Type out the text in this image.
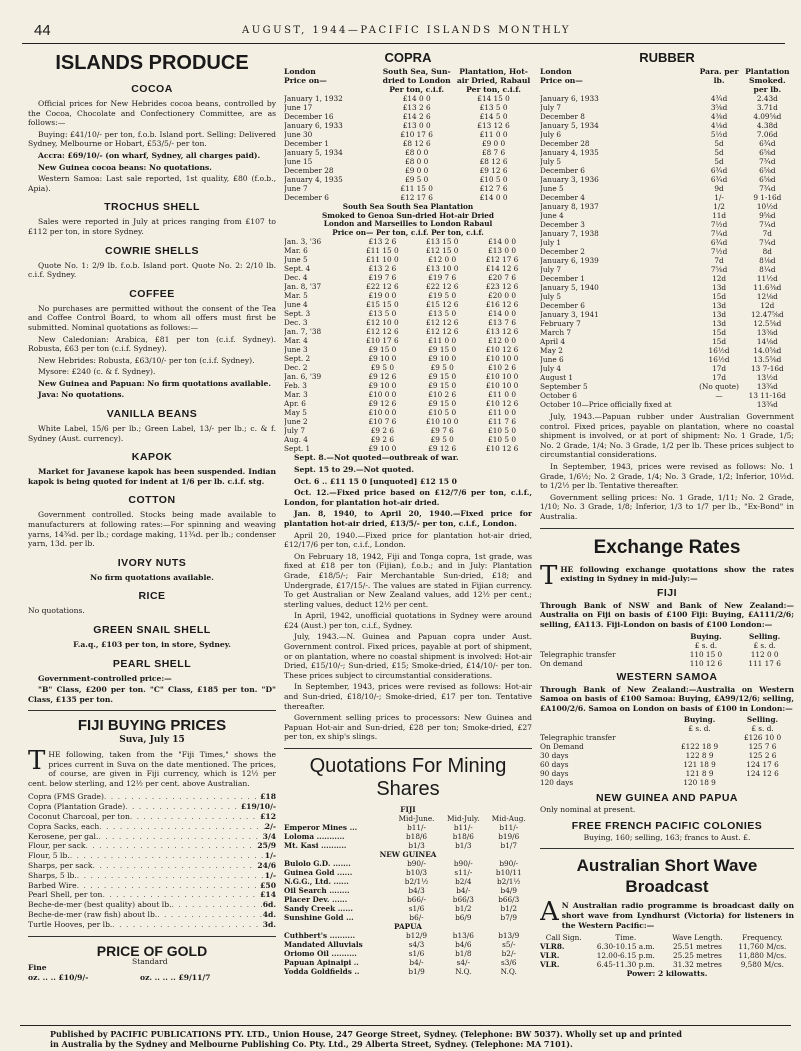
44	AUGUST, 1944—PACIFIC ISLANDS MONTHLY
ISLANDS PRODUCE
COCOA

Official prices for New Hebrides cocoa beans, controlled by the Cocoa, Chocolate and Confectionery Committee, are as follows:—

Buying: £41/10/- per ton, f.o.b. Island port. Selling: Delivered Sydney, Melbourne or Hobart, £53/5/- per ton.

Accra: £69/10/- (on wharf, Sydney, all charges paid).

New Guinea cocoa beans: No quotations.

Western Samoa: Last sale reported, 1st quality, £80 (f.o.b., Apia).

TROCHUS SHELL

Sales were reported in July at prices ranging from £107 to £112 per ton, in store Sydney.

COWRIE SHELLS

Quote No. 1: 2/9 lb. f.o.b. Island port. Quote No. 2: 2/10 lb. c.i.f. Sydney.

COFFEE

No purchases are permitted without the consent of the Tea and Coffee Control Board, to whom all offers must first be submitted. Nominal quotations as follows:—

New Caledonian: Arabica, £81 per ton (c.i.f. Sydney). Robusta, £63 per ton (c.i.f. Sydney).

New Hebrides: Robusta, £63/10/- per ton (c.i.f. Sydney).

Mysore: £240 (c. & f. Sydney).

New Guinea and Papuan: No firm quotations available.

Java: No quotations.

VANILLA BEANS

White Label, 15/6 per lb.; Green Label, 13/- per lb.; c. & f. Sydney (Aust. currency).

KAPOK

Market for Javanese kapok has been suspended. Indian kapok is being quoted for indent at 1/6 per lb. c.i.f. stg.

COTTON

Government controlled. Stocks being made available to manufacturers at following rates:—For spinning and weaving yarns, 14¾d. per lb.; cordage making, 11¾d. per lb.; condenser yarn, 13d. per lb.

IVORY NUTS

No firm quotations available.

RICE

No quotations.

GREEN SNAIL SHELL

F.a.q., £103 per ton, in store, Sydney.

PEARL SHELL

Government-controlled price:—

"B" Class, £200 per ton. "C" Class, £185 per ton. "D" Class, £135 per ton.

FIJI BUYING PRICES

Suva, July 15

THE following, taken from the "Fiji Times," shows the prices current in Suva on the date mentioned. The prices, of course, are given in Fiji currency, which is 12½ per cent. below sterling, and 12½ per cent. above Australian.

Copra (FMS Grade) . . .	£18
Copra (Plantation Grade) . . .	£19/10/-
Coconut Charcoal, per ton . . .	£12
Copra Sacks, each . . .	2/-
Kerosene, per gal. . . .	3/4
Flour, per sack . . .	25/9
Flour, 5 lb. . . .	1/-
Sharps, per sack . . .	24/6
Sharps, 5 lb. . . .	1/-
Barbed Wire . . .	£50
Pearl Shell, per ton . . .	£14
Beche-de-mer (best quality) about lb. . . .	6d.
Beche-de-mer (raw fish) about lb. . . .	4d.
Turtle Hooves, per lb. . . .	3d.
PRICE OF GOLD
Fine
Standard
oz. .. .. £10/9/-	oz. .. .. .. £9/11/7
COPRA
London
Price on—	South Sea, Sun-dried to London Per ton, c.i.f.	Plantation, Hot-air Dried, Rabaul Per ton, c.i.f.
January 1, 1932	£14 0 0	£14 15 0
June 17	£13 2 6	£13 5 0
December 16	£14 2 6	£14 5 0
January 6, 1933	£13 0 0	£13 12 6
June 30	£10 17 6	£11 0 0
December 1	£8 12 6	£9 0 0
January 5, 1934	£8 0 0	£8 7 6
June 15	£8 0 0	£8 12 6
December 28	£9 0 0	£9 12 6
January 4, 1935	£9 5 0	£10 5 0
June 7	£11 15 0	£12 7 6
December 6	£12 17 6	£14 0 0
South Sea South Sea Plantation
Smoked to Genoa Sun-dried Hot-air Dried
London and Marseilles to London Rabaul
Price on— Per ton, c.i.f. Per ton, c.i.f.
Jan. 3, '36	£13 2 6	£13 15 0	£14 0 0
Mar. 6	£11 15 0	£12 15 0	£13 0 0
June 5	£11 10 0	£12 0 0	£12 17 6
Sept. 4	£13 2 6	£13 10 0	£14 12 6
Dec. 4	£19 7 6	£19 7 6	£20 7 6
Jan. 8, '37	£22 12 6	£22 12 6	£23 12 6
Mar. 5	£19 0 0	£19 5 0	£20 0 0
June 4	£15 15 0	£15 12 6	£16 12 6
Sept. 3	£13 5 0	£13 5 0	£14 0 0
Dec. 3	£12 10 0	£12 12 6	£13 7 6
Jan. 7, '38	£12 12 6	£12 12 6	£13 12 6
Mar. 4	£10 17 6	£11 0 0	£12 0 0
June 3	£9 15 0	£9 15 0	£10 12 6
Sept. 2	£9 10 0	£9 10 0	£10 10 0
Dec. 2	£9 5 0	£9 5 0	£10 2 6
Jan. 6, '39	£9 12 6	£9 15 0	£10 10 0
Feb. 3	£9 10 0	£9 15 0	£10 10 0
Mar. 3	£10 0 0	£10 2 6	£11 0 0
Apr. 6	£9 12 6	£9 15 0	£10 12 6
May 5	£10 0 0	£10 5 0	£11 0 0
June 2	£10 7 6	£10 10 0	£11 7 6
July 7	£9 2 6	£9 7 6	£10 5 0
Aug. 4	£9 2 6	£9 5 0	£10 5 0
Sept. 1	£9 10 0	£9 12 6	£10 12 6

Sept. 8.—Not quoted—outbreak of war.

Sept. 15 to 29.—Not quoted.

Oct. 6 .. £11 15 0 [unquoted] £12 15 0

Oct. 12.—Fixed price based on £12/7/6 per ton, c.i.f., London, for plantation hot-air dried.

Jan. 8, 1940, to April 20, 1940.—Fixed price for plantation hot-air dried, £13/5/- per ton, c.i.f., London.

April 20, 1940.—Fixed price for plantation hot-air dried, £12/17/6 per ton, c.i.f., London.

On February 18, 1942, Fiji and Tonga copra, 1st grade, was fixed at £18 per ton (Fijian), f.o.b.; and in July: Plantation Grade, £18/5/-; Fair Merchantable Sun-dried, £18; and Undergrade, £17/15/-. The values are stated in Fijian currency. To get Australian or New Zealand values, add 12½ per cent.; sterling values, deduct 12½ per cent.

In April, 1942, unofficial quotations in Sydney were around £24 (Aust.) per ton, c.i.f., Sydney.

July, 1943.—N. Guinea and Papuan copra under Aust. Government control. Fixed prices, payable at port of shipment, or on plantation, where no coastal shipment is involved: Hot-air Dried, £15/10/-; Sun-dried, £15; Smoke-dried, £14/10/- per ton. These prices subject to circumstantial considerations.

In September, 1943, prices were revised as follows: Hot-air and Sun-dried, £18/10/-; Smoke-dried, £17 per ton. Tentative thereafter.

Government selling prices to processors: New Guinea and Papuan Hot-air and Sun-dried, £28 per ton; Smoke-dried, £27 per ton, ex ship's slings.

Quotations For Mining Shares
FIJI			
	Mid-June.	Mid-July.	Mid-Aug.
Emperor Mines ...	b11/-	b11/-	b11/-
Loloma ...........	b18/6	b18/6	b19/6
Mt. Kasi ..........	b1/3	b1/3	b1/7
NEW GUINEA			
Bulolo G.D. .......	b90/-	b90/-	b90/-
Guinea Gold ......	b10/3	s11/-	b10/11
N.G.G., Ltd. ......	b2/1½	b2/4	b2/1½
Oil Search ........	b4/3	b4/-	b4/9
Placer Dev. ......	b66/-	b66/3	b66/3
Sandy Creek ......	s1/6	b1/2	b1/2
Sunshine Gold ...	b6/-	b6/9	b7/9
PAPUA			
Cuthbert's ..........	b12/9	b13/6	b13/9
Mandated Alluvials	s4/3	b4/6	s5/-
Oriomo Oil ..........	s1/6	b1/8	b2/-
Papuan Apinaipi ..	b4/-	s4/-	s3/6
Yodda Goldfields ..	b1/9	N.Q.	N.Q.
RUBBER
London
Price on—	Para. per lb.	Plantation Smoked. per lb.
January 6, 1933	4¾d	2.43d
July 7	3⅝d	3.71d
December 8	4⅜d	4.09⅝d
January 5, 1934	4⅛d	4.38d
July 6	5½d	7.06d
December 28	5d	6¾d
January 4, 1935	5d	6⅝d
July 5	5d	7¾d
December 6	6¾d	6⅝d
January 3, 1936	6¾d	6⅝d
June 5	9d	7¾d
December 4	1/-	9 1-16d
January 8, 1937	1/2	10½d
June 4	11d	9⅝d
December 3	7½d	7¼d
January 7, 1938	7¼d	7d
July 1	6¾d	7¼d
December 2	7½d	8d
January 6, 1939	7d	8⅛d
July 7	7⅝d	8¼d
December 1	12d	11½d
January 5, 1940	13d	11.6⅜d
July 5	15d	12⅛d
December 6	13d	12d
January 3, 1941	13d	12.47⅝d
February 7	13d	12.5⅝d
March 7	15d	13⅜d
April 4	15d	14⅛d
May 2	16½d	14.0⅝d
June 6	16½d	13.5⅝d
July 4	17d	13 7-16d
August 1	17d	13½d
September 5	(No quote)	13¾d
October 6	—	13 11-16d
October 10—Price officially fixed at		13¾d

July, 1943.—Papuan rubber under Australian Government control. Fixed prices, payable on plantation, where no coastal shipment is involved, or at port of shipment: No. 1 Grade, 1/5; No. 2 Grade, 1/4; No. 3 Grade, 1/2 per lb. These prices subject to circumstantial considerations.

In September, 1943, prices were revised as follows: No. 1 Grade, 1/6½; No. 2 Grade, 1/4; No. 3 Grade, 1/2; Inferior, 10½d. to 1/2½ per lb. Tentative thereafter.

Government selling prices: No. 1 Grade, 1/11; No. 2 Grade, 1/10; No. 3 Grade, 1/8; Inferior, 1/3 to 1/7 per lb., "Ex-Bond" in Australia.

Exchange Rates

THE following exchange quotations show the rates existing in Sydney in mid-July:—

FIJI

Through Bank of NSW and Bank of New Zealand:—Australia on Fiji on basis of £100 Fiji: Buying, £A111/2/6; selling, £A113. Fiji-London on basis of £100 London:—

	Buying.	Selling.
	£ s. d.	£ s. d.
Telegraphic transfer	110 15 0	112 0 0
On demand	110 12 6	111 17 6
WESTERN SAMOA

Through Bank of New Zealand:—Australia on Western Samoa on basis of £100 Samoa: Buying, £A99/12/6; selling, £A100/2/6. Samoa on London on basis of £100 in London:—

	Buying.	Selling.
	£ s. d.	£ s. d.
Telegraphic transfer		£126 10 0
On Demand	£122 18 9	125 7 6
30 days	122 8 9	125 2 6
60 days	121 18 9	124 17 6
90 days	121 8 9	124 12 6
120 days	120 18 9	
NEW GUINEA AND PAPUA

Only nominal at present.

FREE FRENCH PACIFIC COLONIES

Buying, 160; selling, 163; francs to Aust. £.

Australian Short Wave Broadcast

A N Australian radio programme is broadcast daily on short wave from Lyndhurst (Victoria) for listeners in the Western Pacific:—

Call Sign.	Time.	Wave Length.	Frequency.
VLR8.	6.30-10.15 a.m.	25.51 metres	11,760 M/cs.
VLR.	12.00-6.15 p.m.	25.25 metres	11,880 M/cs.
VLR.	6.45-11.30 p.m.	31.32 metres	9,580 M/cs.

Power: 2 kilowatts.

Published by PACIFIC PUBLICATIONS PTY. LTD., Union House, 247 George Street, Sydney. (Telephone: BW 5037). Wholly set up and printed
in Australia by the Sydney and Melbourne Publishing Co. Pty. Ltd., 29 Alberta Street, Sydney. (Telephone: MA 7101).
